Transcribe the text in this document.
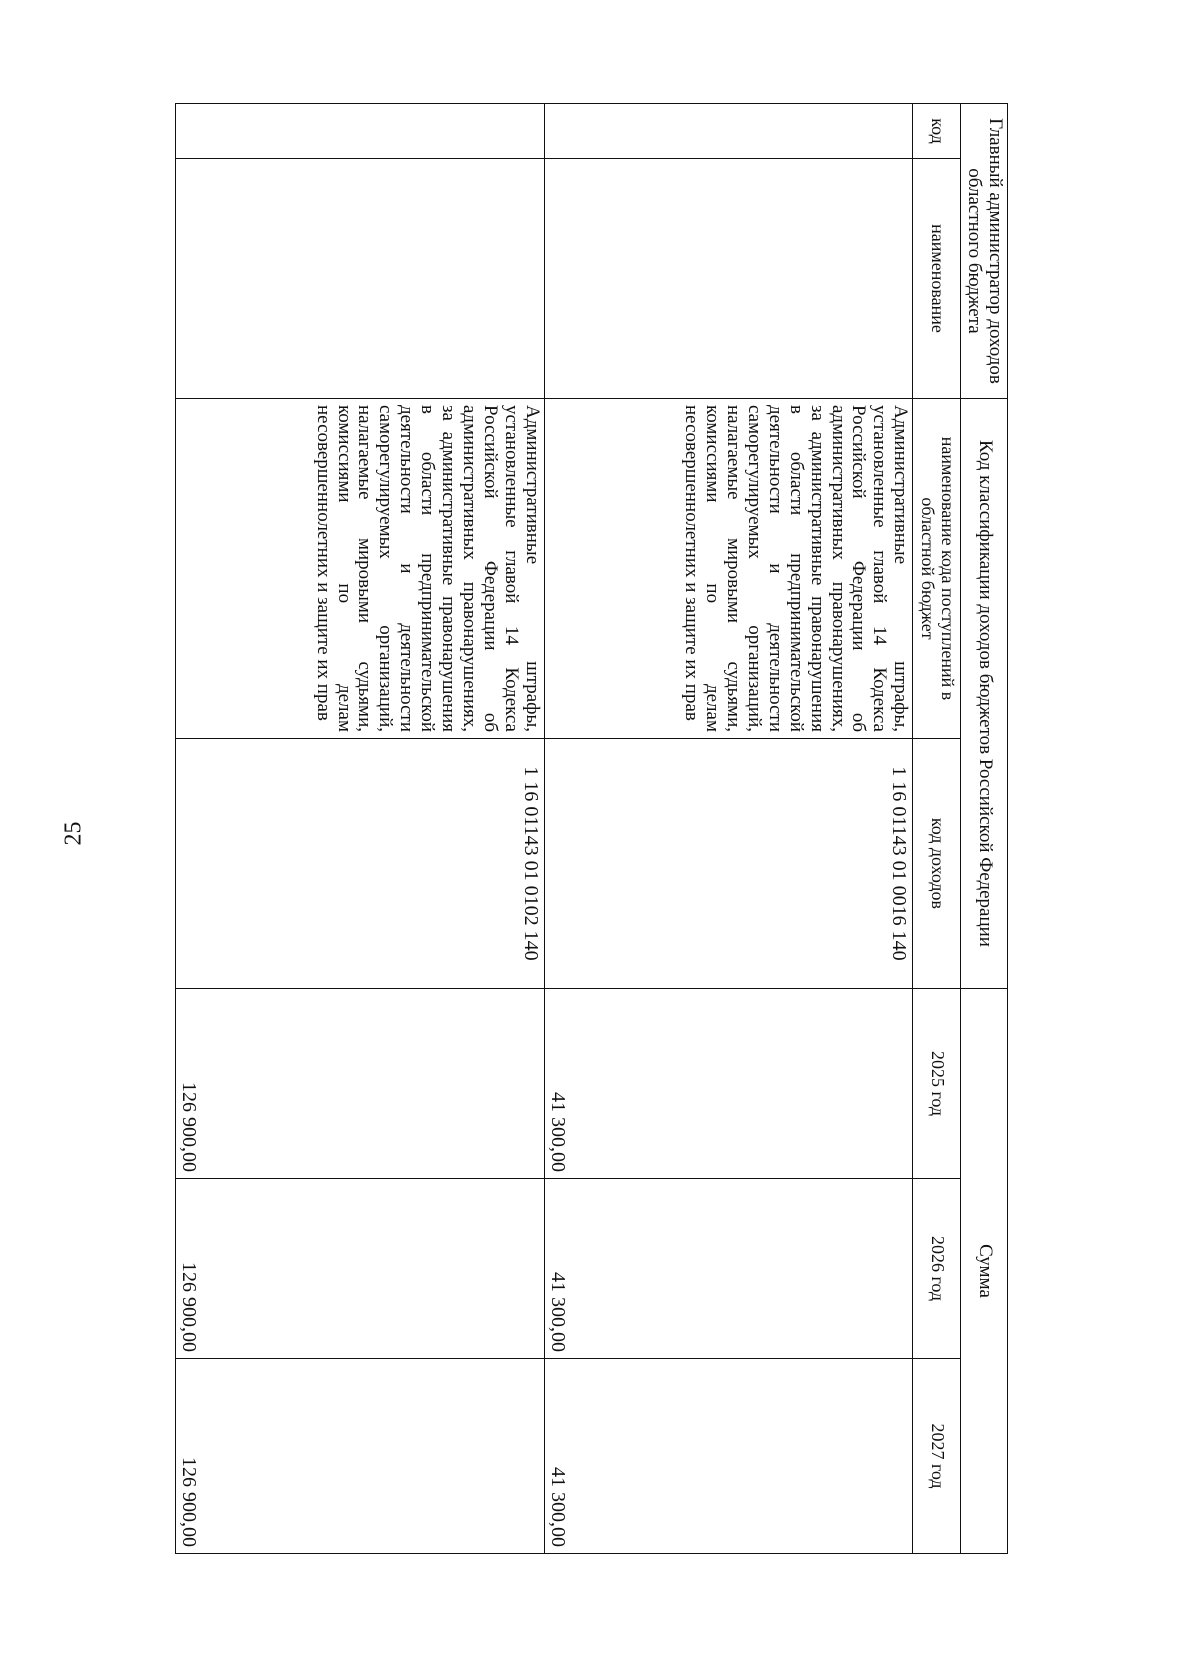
25
Главный администратор доходов областного бюджета		Код классификации доходов бюджетов Российской Федерации		Сумма		
код	наименование	наименование кода поступлений в областной бюджет	код доходов	2025 год	2026 год	2027 год
		Административные штрафы, установленные главой 14 Кодекса Российской Федерации об административных правонарушениях, за административные правонарушения в области предпринимательской деятельности и деятельности саморегулируемых организаций, налагаемые мировыми судьями, комиссиями по делам несовершеннолетних и защите их прав	1 16 01143 01 0016 140	41 300,00	41 300,00	41 300,00
		Административные штрафы, установленные главой 14 Кодекса Российской Федерации об административных правонарушениях, за административные правонарушения в области предпринимательской деятельности и деятельности саморегулируемых организаций, налагаемые мировыми судьями, комиссиями по делам несовершеннолетних и защите их прав	1 16 01143 01 0102 140	126 900,00	126 900,00	126 900,00
